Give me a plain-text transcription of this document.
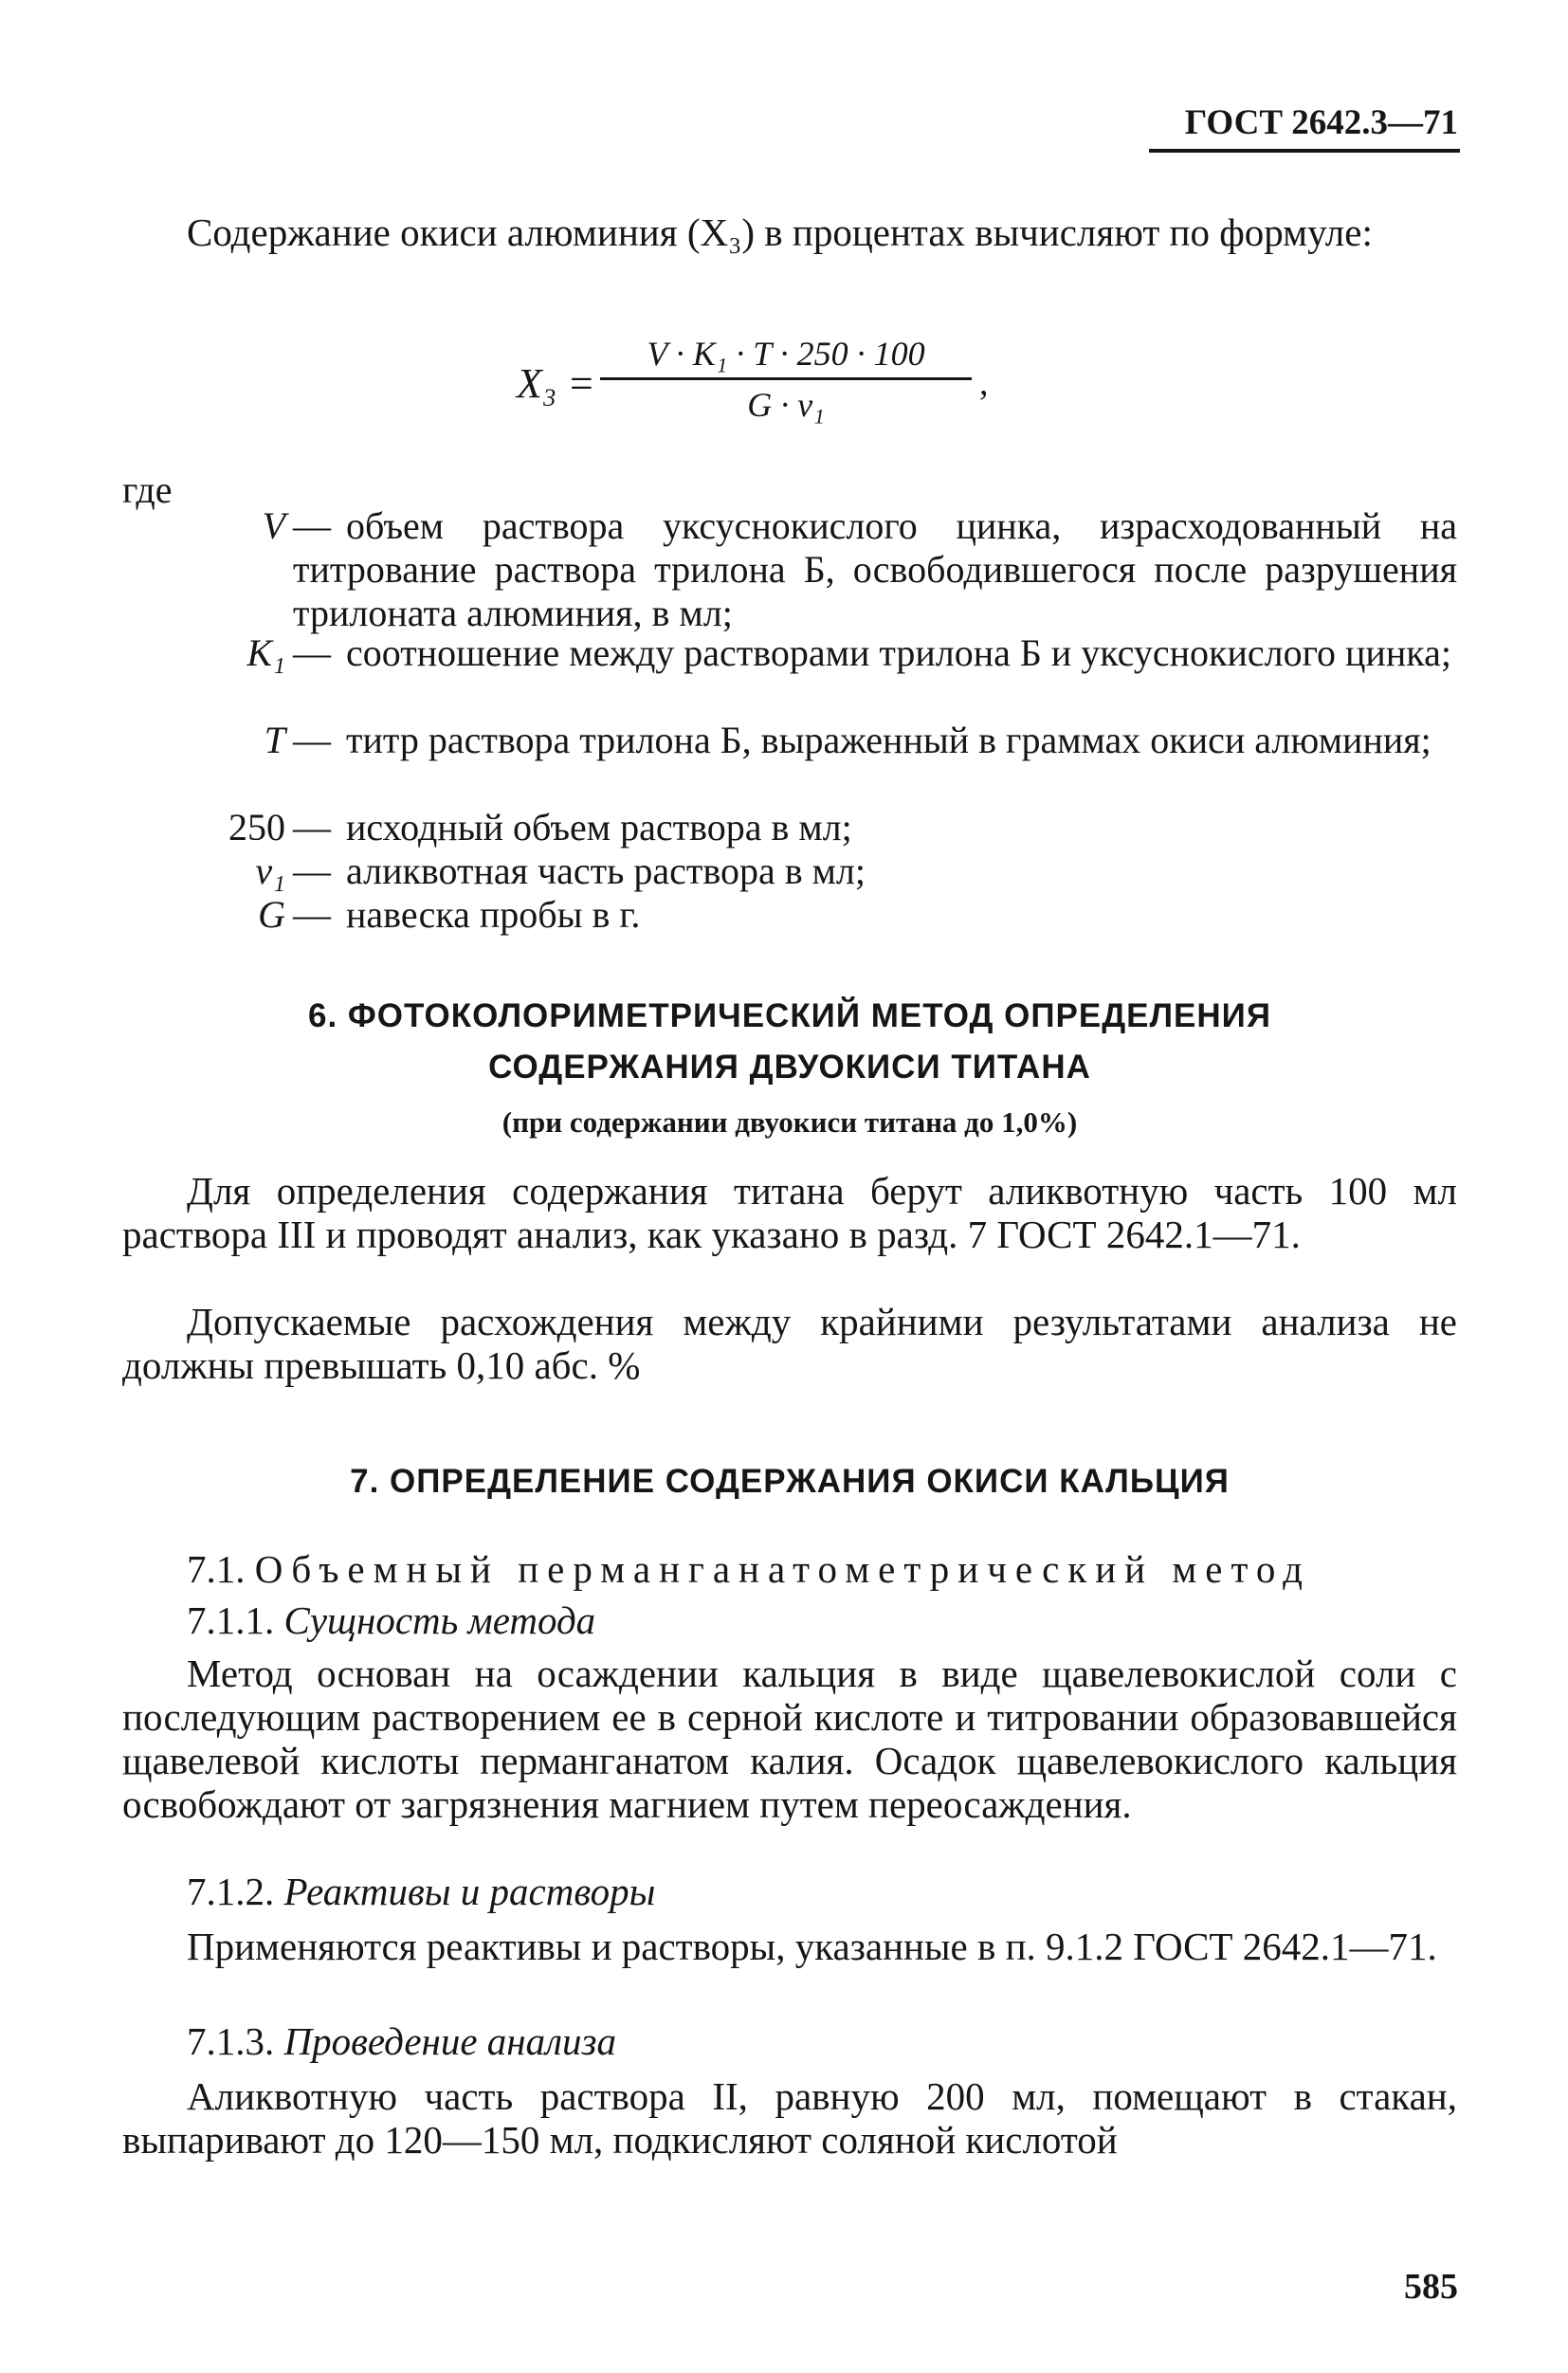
ГОСТ 2642.3—71

Содержание окиси алюминия (X₃) в процентах вычисляют по формуле:

X₃ =
V · K₁ · T · 250 · 100
G · v₁
,
где
V — объем раствора уксуснокислого цинка, израсходованный на титрование раствора трилона Б, освободившегося после разрушения трилоната алюминия, в мл;
K₁ — соотношение между растворами трилона Б и уксуснокислого цинка;
T — титр раствора трилона Б, выраженный в граммах окиси алюминия;
250 — исходный объем раствора в мл;
v₁ — аликвотная часть раствора в мл;
G — навеска пробы в г.
6. ФОТОКОЛОРИМЕТРИЧЕСКИЙ МЕТОД ОПРЕДЕЛЕНИЯ
СОДЕРЖАНИЯ ДВУОКИСИ ТИТАНА
(при содержании двуокиси титана до 1,0%)

Для определения содержания титана берут аликвотную часть 100 мл раствора III и проводят анализ, как указано в разд. 7 ГОСТ 2642.1—71.

Допускаемые расхождения между крайними результатами анализа не должны превышать 0,10 абс. %

7. ОПРЕДЕЛЕНИЕ СОДЕРЖАНИЯ ОКИСИ КАЛЬЦИЯ

7.1. Объемный перманганатометрический метод

7.1.1. Сущность метода

Метод основан на осаждении кальция в виде щавелевокислой соли с последующим растворением ее в серной кислоте и титровании образовавшейся щавелевой кислоты перманганатом калия. Осадок щавелевокислого кальция освобождают от загрязнения магнием путем переосаждения.

7.1.2. Реактивы и растворы

Применяются реактивы и растворы, указанные в п. 9.1.2 ГОСТ 2642.1—71.

7.1.3. Проведение анализа

Аликвотную часть раствора II, равную 200 мл, помещают в стакан, выпаривают до 120—150 мл, подкисляют соляной кислотой

585
